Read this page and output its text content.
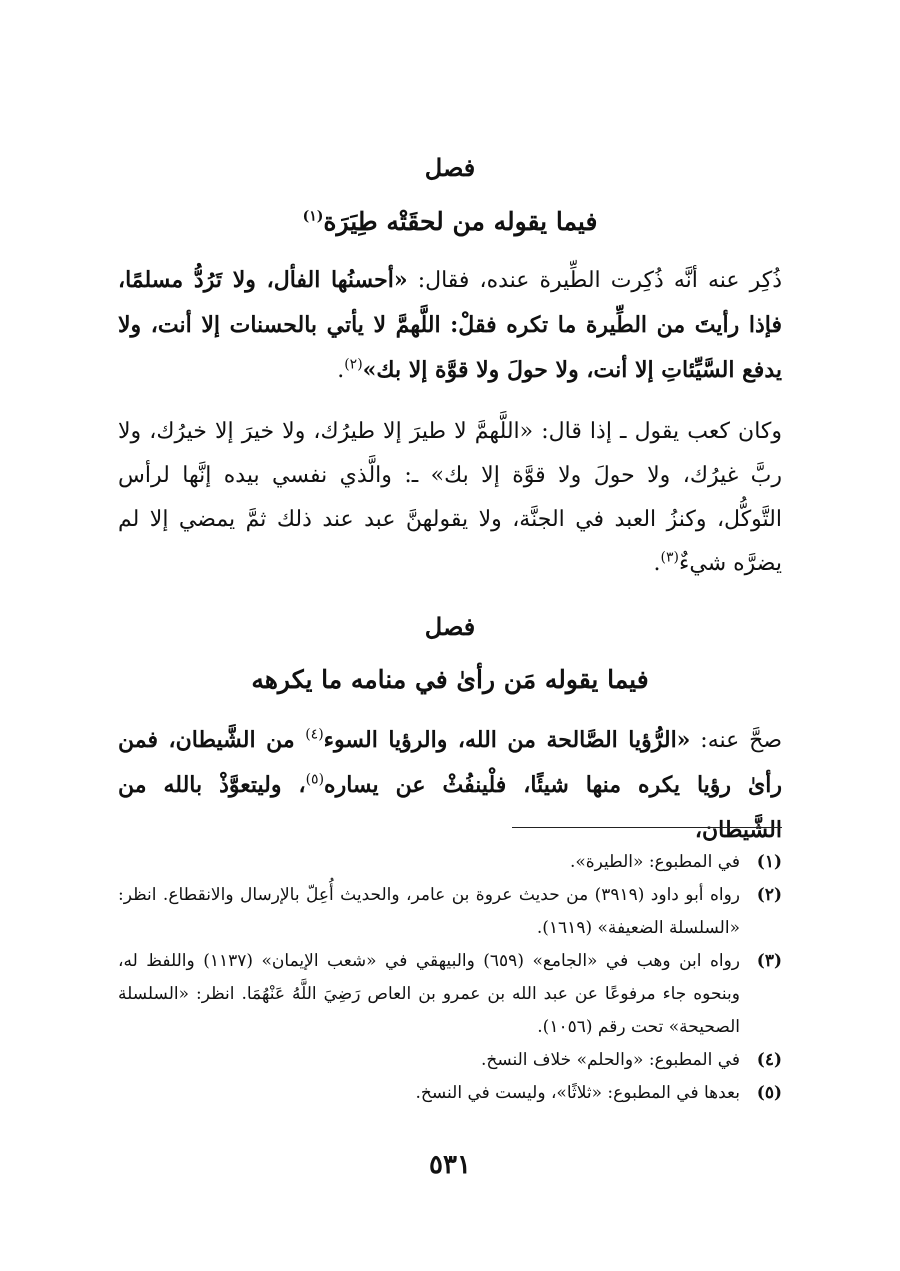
فصل
فيما يقوله من لحقَتْه طِيَرَة$^{(١)}$
ذُكِر عنه أنَّه ذُكِرت الطِّيرة عنده، فقال: «أحسنُها الفأل، ولا تَرُدُّ مسلمًا، فإذا رأيتَ من الطِّيرة ما تكره فقلْ: اللَّهمَّ لا يأتي بالحسنات إلا أنت، ولا يدفع السَّيِّئاتِ إلا أنت، ولا حولَ ولا قوَّة إلا بك»$^{(٢)}$.
وكان كعب يقول ـ إذا قال: «اللَّهمَّ لا طيرَ إلا طيرُك، ولا خيرَ إلا خيرُك، ولا ربَّ غيرُك، ولا حولَ ولا قوَّة إلا بك» ـ: والَّذي نفسي بيده إنَّها لرأس التَّوكُّل، وكنزُ العبد في الجنَّة، ولا يقولهنَّ عبد عند ذلك ثمَّ يمضي إلا لم يضرَّه شيءٌ$^{(٣)}$.
فصل
فيما يقوله مَن رأىٰ في منامه ما يكرهه
صحَّ عنه: «الرُّؤيا الصَّالحة من الله، والرؤيا السوء$^{(٤)}$ من الشَّيطان، فمن رأىٰ رؤيا يكره منها شيئًا، فلْينفُثْ عن يساره$^{(٥)}$، وليتعوَّذْ بالله من الشَّيطان،
(١)
في المطبوع: «الطيرة».
(٢)
رواه أبو داود (٣٩١٩) من حديث عروة بن عامر، والحديث أُعِلّ بالإرسال والانقطاع. انظر: «السلسلة الضعيفة» (١٦١٩).
(٣)
رواه ابن وهب في «الجامع» (٦٥٩) والبيهقي في «شعب الإيمان» (١١٣٧) واللفظ له، وبنحوه جاء مرفوعًا عن عبد الله بن عمرو بن العاص رَضِيَ اللَّهُ عَنْهُمَا. انظر: «السلسلة الصحيحة» تحت رقم (١٠٥٦).
(٤)
في المطبوع: «والحلم» خلاف النسخ.
(٥)
بعدها في المطبوع: «ثلاثًا»، وليست في النسخ.
٥٣١
